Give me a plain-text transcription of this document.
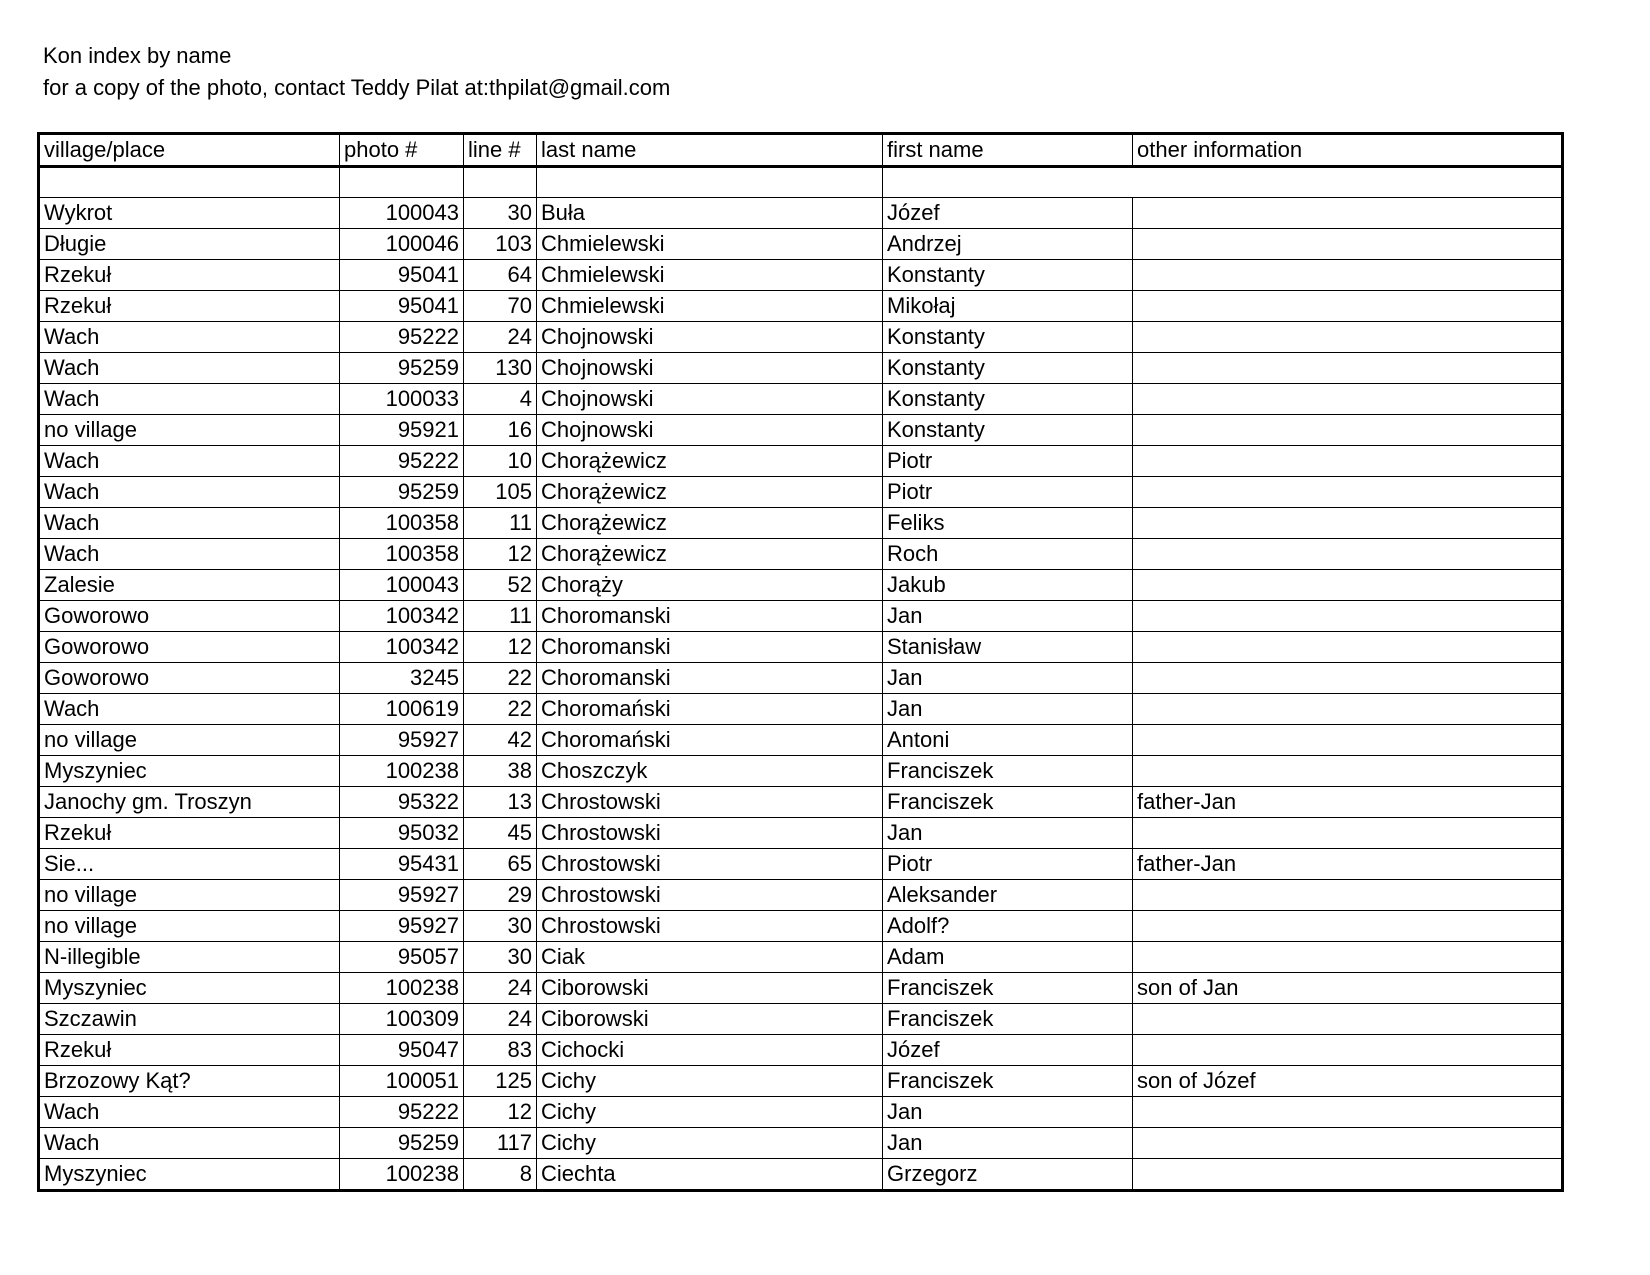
Kon index by name
for a copy of the photo, contact Teddy Pilat at:thpilat@gmail.com
village/place	photo #	line #	last name	first name	other information

Wykrot	100043	30	Buła	Józef	
Długie	100046	103	Chmielewski	Andrzej	
Rzekuł	95041	64	Chmielewski	Konstanty	
Rzekuł	95041	70	Chmielewski	Mikołaj	
Wach	95222	24	Chojnowski	Konstanty	
Wach	95259	130	Chojnowski	Konstanty	
Wach	100033	4	Chojnowski	Konstanty	
no village	95921	16	Chojnowski	Konstanty	
Wach	95222	10	Chorążewicz	Piotr	
Wach	95259	105	Chorążewicz	Piotr	
Wach	100358	11	Chorążewicz	Feliks	
Wach	100358	12	Chorążewicz	Roch	
Zalesie	100043	52	Chorąży	Jakub	
Goworowo	100342	11	Choromanski	Jan	
Goworowo	100342	12	Choromanski	Stanisław	
Goworowo	3245	22	Choromanski	Jan	
Wach	100619	22	Choromański	Jan	
no village	95927	42	Choromański	Antoni	
Myszyniec	100238	38	Choszczyk	Franciszek	
Janochy gm. Troszyn	95322	13	Chrostowski	Franciszek	father-Jan
Rzekuł	95032	45	Chrostowski	Jan	
Sie...	95431	65	Chrostowski	Piotr	father-Jan
no village	95927	29	Chrostowski	Aleksander	
no village	95927	30	Chrostowski	Adolf?	
N-illegible	95057	30	Ciak	Adam	
Myszyniec	100238	24	Ciborowski	Franciszek	son of Jan
Szczawin	100309	24	Ciborowski	Franciszek	
Rzekuł	95047	83	Cichocki	Józef	
Brzozowy Kąt?	100051	125	Cichy	Franciszek	son of Józef
Wach	95222	12	Cichy	Jan	
Wach	95259	117	Cichy	Jan	
Myszyniec	100238	8	Ciechta	Grzegorz	
